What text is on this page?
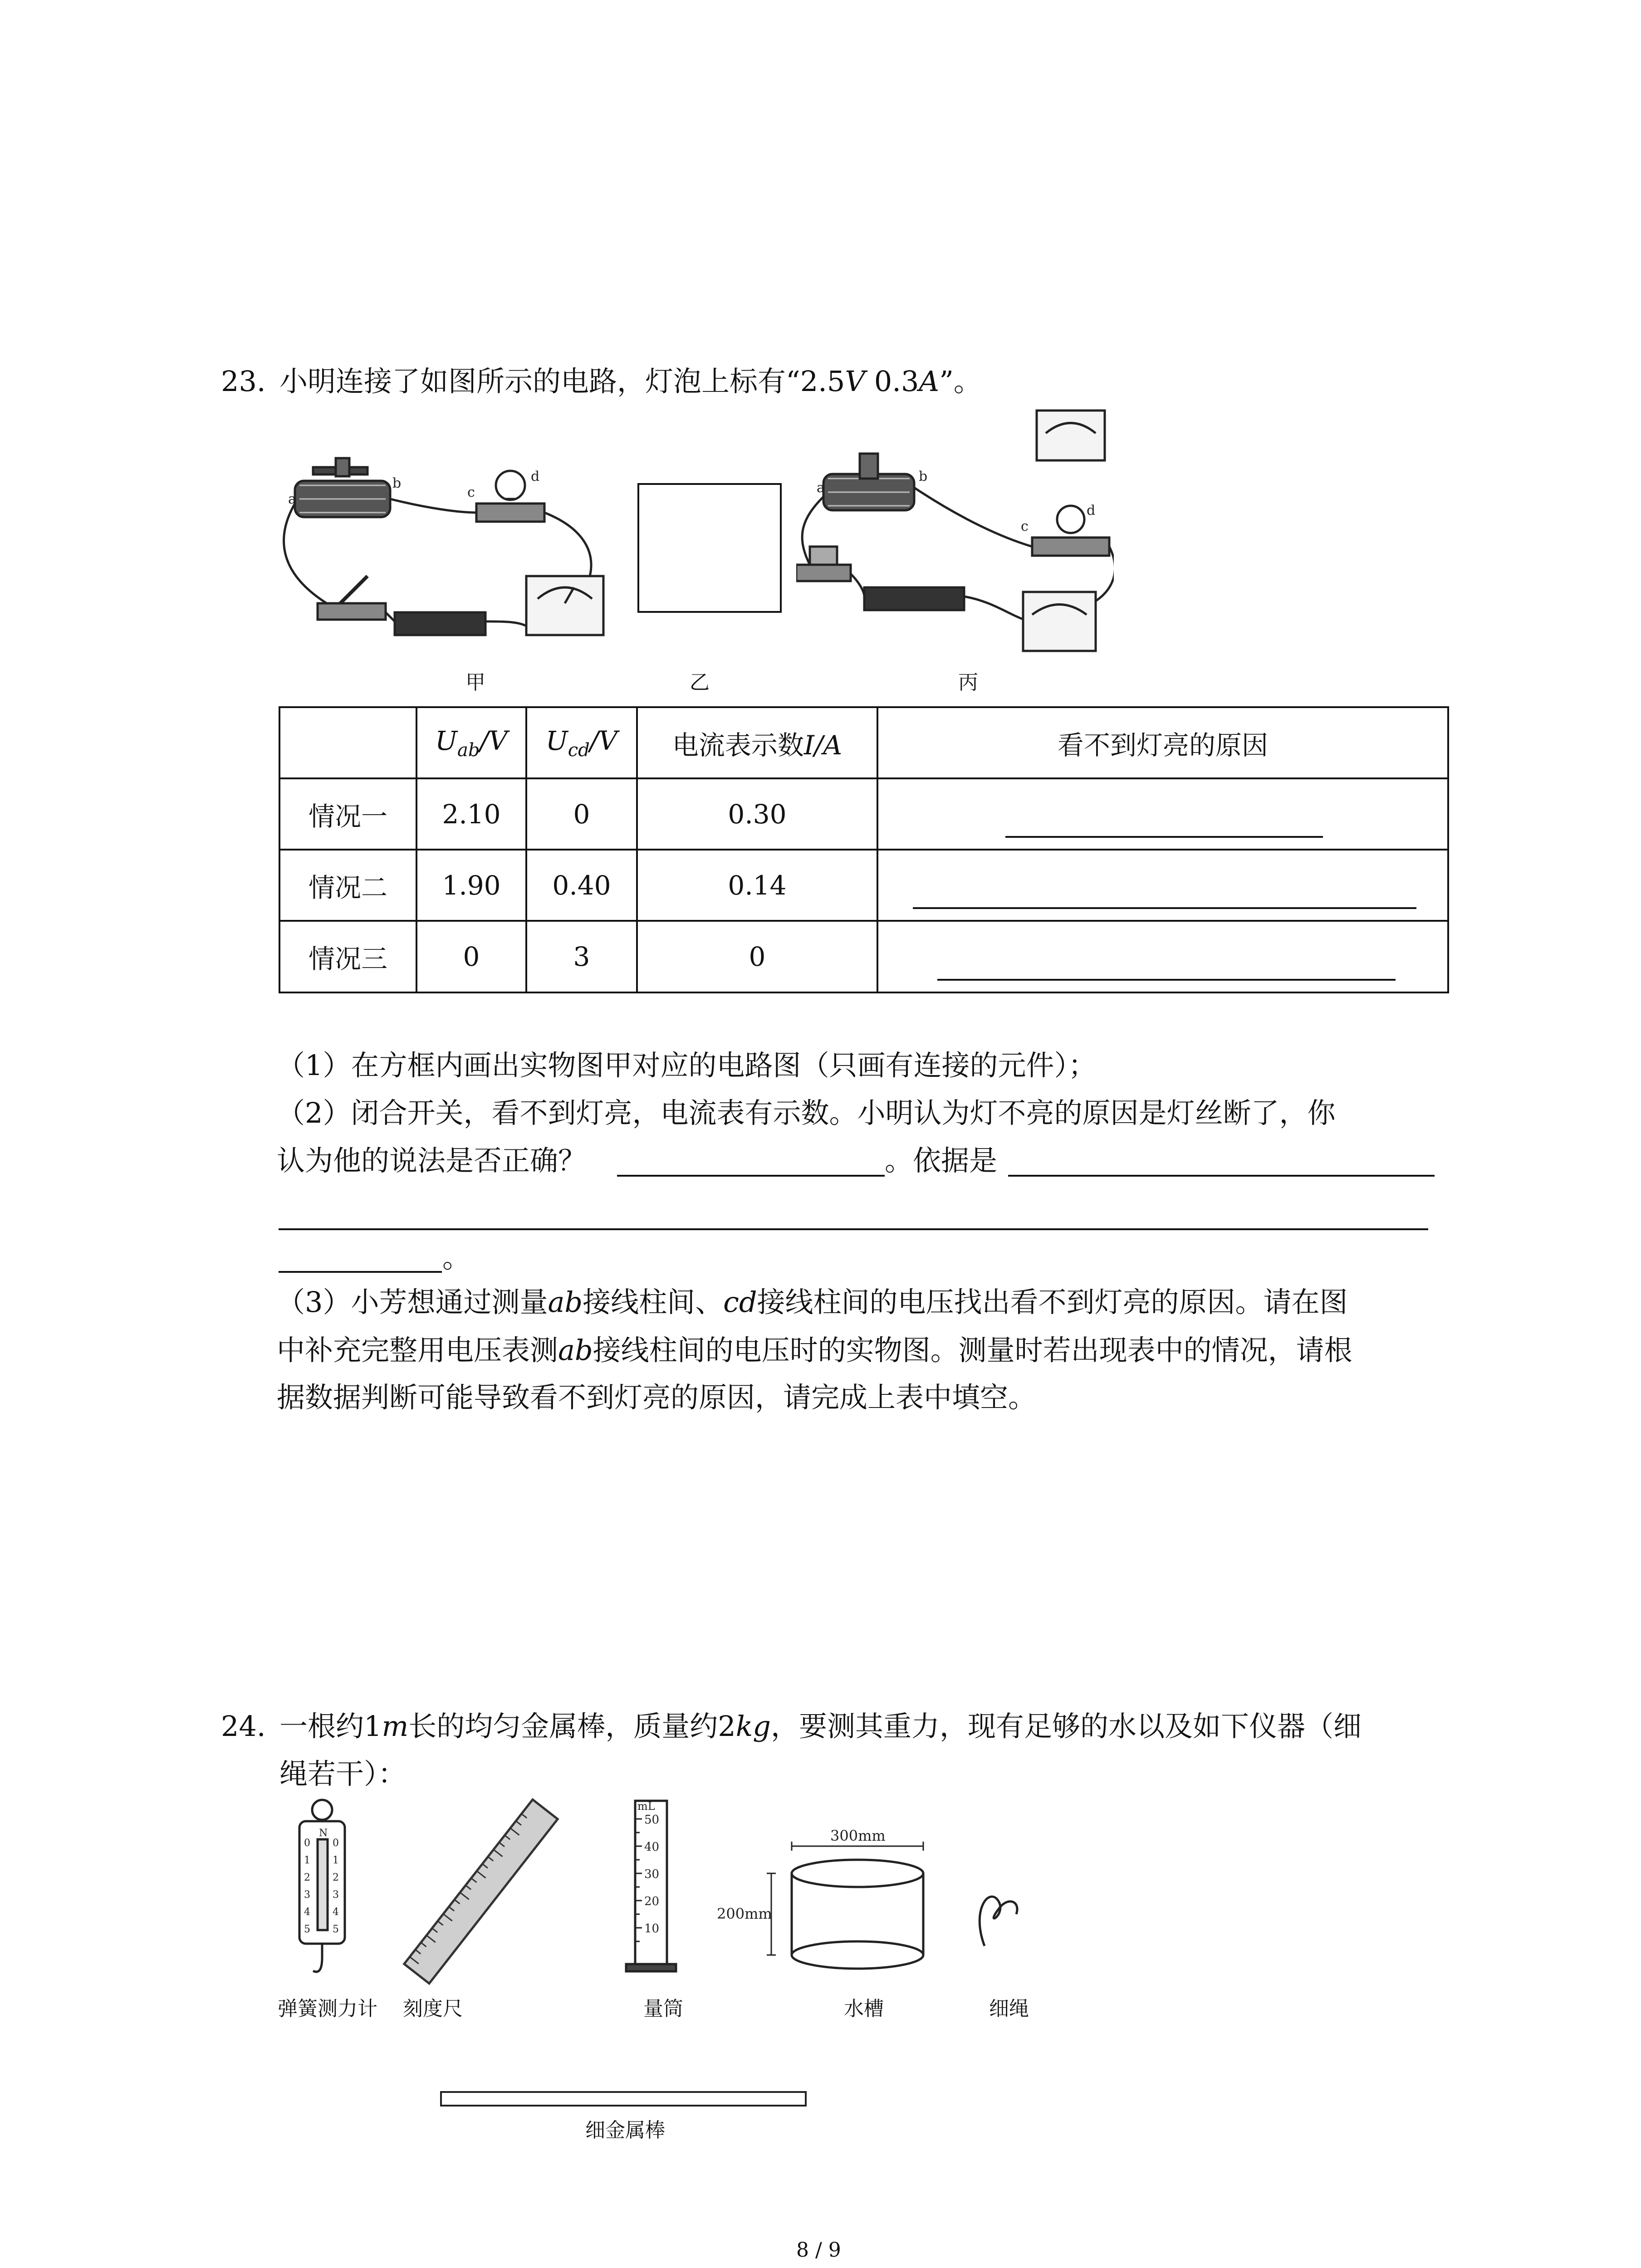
23. 小明连接了如图所示的电路，灯泡上标有“2.5V 0.3A”。
a
b
c
d
甲	乙
a
b
c
d
丙
	$U_{ab}/V$	$U_{cd}/V$	电流表示数I/A	看不到灯亮的原因
情况一	2.10	0	0.30	

情况二	1.90	0.40	0.14	

情况三	0	3	0	
（1）在方框内画出实物图甲对应的电路图（只画有连接的元件）；
（2）闭合开关，看不到灯亮，电流表有示数。小明认为灯不亮的原因是灯丝断了，你
认为他的说法是否正确？	。依据是
。
（3）小芳想通过测量ab接线柱间、cd接线柱间的电压找出看不到灯亮的原因。请在图
中补充完整用电压表测ab接线柱间的电压时的实物图。测量时若出现表中的情况，请根
据数据判断可能导致看不到灯亮的原因，请完成上表中填空。
24. 一根约1m长的均匀金属棒，质量约2kg，要测其重力，现有足够的水以及如下仪器（细
绳若干）：
N
0
1
2
3
4
5
0
1
2
3
4
5
弹簧测力计 刻度尺
mL
50
40
30
20
10
量筒
300mm
200mm
水槽	细绳
细金属棒
8 / 9
